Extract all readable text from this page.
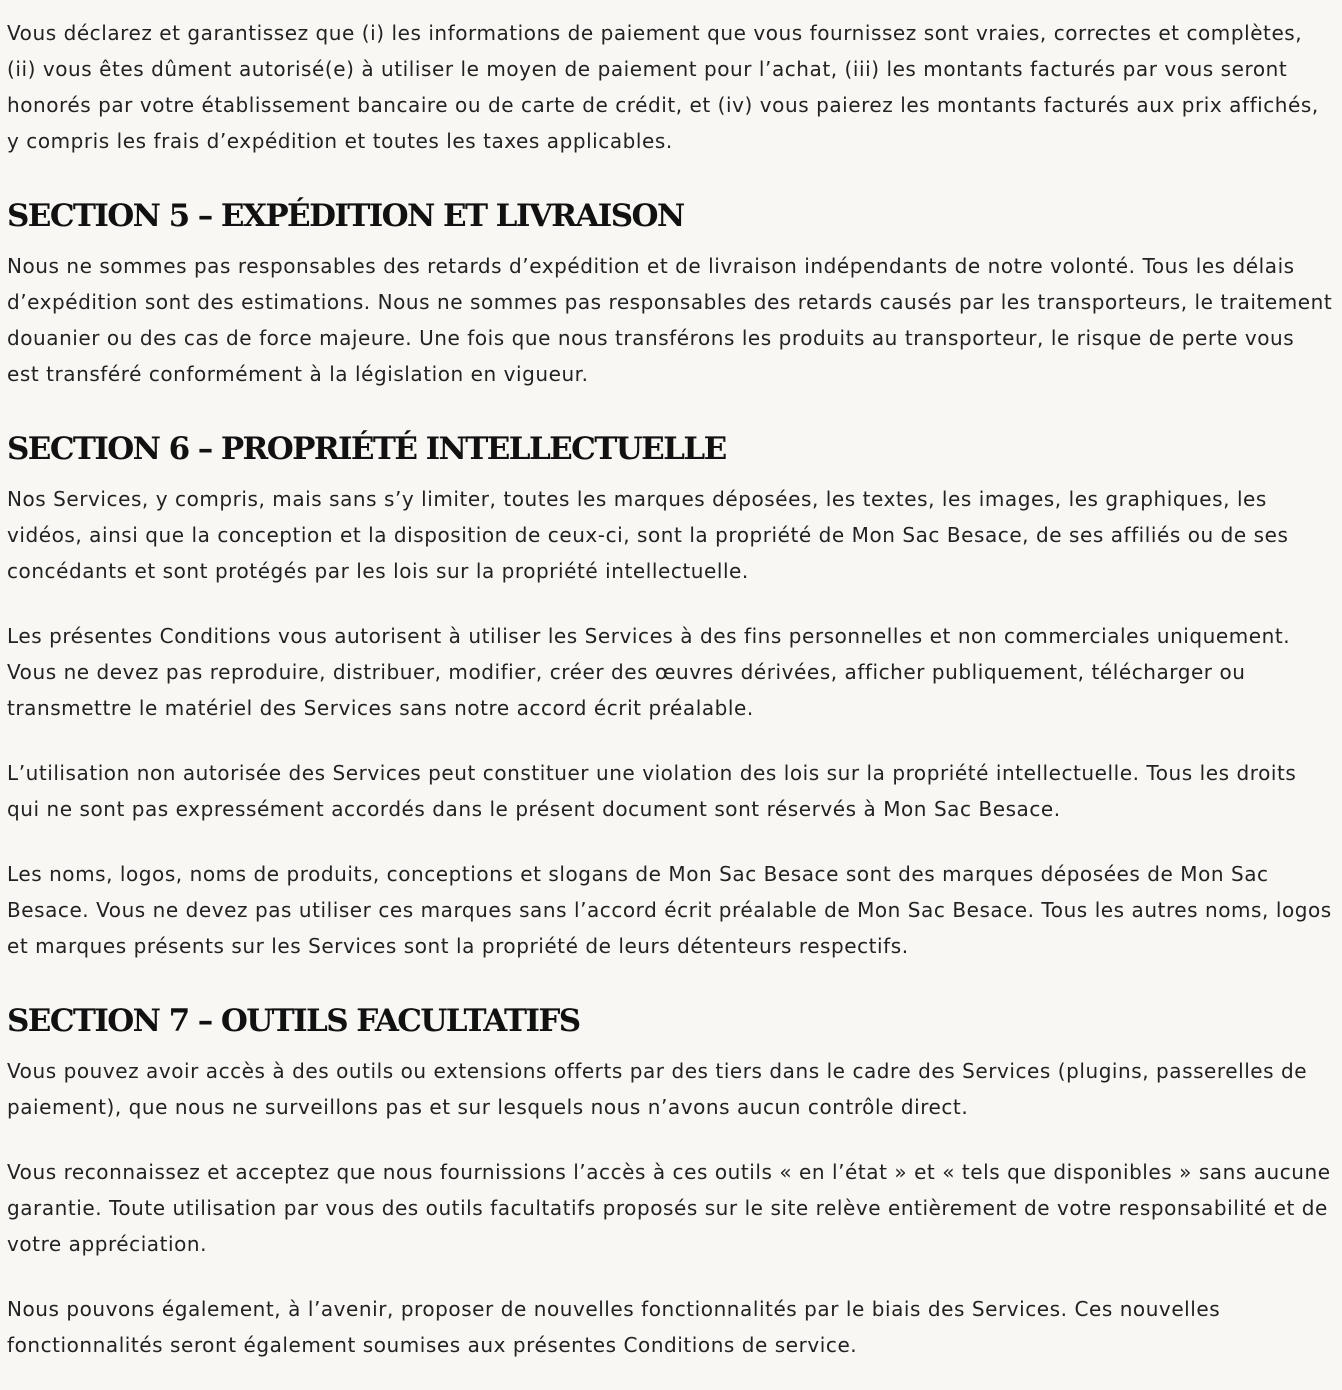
Vous déclarez et garantissez que (i) les informations de paiement que vous fournissez sont vraies, correctes et complètes, (ii) vous êtes dûment autorisé(e) à utiliser le moyen de paiement pour l’achat, (iii) les montants facturés par vous seront honorés par votre établissement bancaire ou de carte de crédit, et (iv) vous paierez les montants facturés aux prix affichés, y compris les frais d’expédition et toutes les taxes applicables.

SECTION 5 – EXPÉDITION ET LIVRAISON

Nous ne sommes pas responsables des retards d’expédition et de livraison indépendants de notre volonté. Tous les délais d’expédition sont des estimations. Nous ne sommes pas responsables des retards causés par les transporteurs, le traitement douanier ou des cas de force majeure. Une fois que nous transférons les produits au transporteur, le risque de perte vous est transféré conformément à la législation en vigueur.

SECTION 6 – PROPRIÉTÉ INTELLECTUELLE

Nos Services, y compris, mais sans s’y limiter, toutes les marques déposées, les textes, les images, les graphiques, les vidéos, ainsi que la conception et la disposition de ceux-ci, sont la propriété de Mon Sac Besace, de ses affiliés ou de ses concédants et sont protégés par les lois sur la propriété intellectuelle.

Les présentes Conditions vous autorisent à utiliser les Services à des fins personnelles et non commerciales uniquement. Vous ne devez pas reproduire, distribuer, modifier, créer des œuvres dérivées, afficher publiquement, télécharger ou transmettre le matériel des Services sans notre accord écrit préalable.

L’utilisation non autorisée des Services peut constituer une violation des lois sur la propriété intellectuelle. Tous les droits qui ne sont pas expressément accordés dans le présent document sont réservés à Mon Sac Besace.

Les noms, logos, noms de produits, conceptions et slogans de Mon Sac Besace sont des marques déposées de Mon Sac Besace. Vous ne devez pas utiliser ces marques sans l’accord écrit préalable de Mon Sac Besace. Tous les autres noms, logos et marques présents sur les Services sont la propriété de leurs détenteurs respectifs.

SECTION 7 – OUTILS FACULTATIFS

Vous pouvez avoir accès à des outils ou extensions offerts par des tiers dans le cadre des Services (plugins, passerelles de paiement), que nous ne surveillons pas et sur lesquels nous n’avons aucun contrôle direct.

Vous reconnaissez et acceptez que nous fournissions l’accès à ces outils « en l’état » et « tels que disponibles » sans aucune garantie. Toute utilisation par vous des outils facultatifs proposés sur le site relève entièrement de votre responsabilité et de votre appréciation.

Nous pouvons également, à l’avenir, proposer de nouvelles fonctionnalités par le biais des Services. Ces nouvelles fonctionnalités seront également soumises aux présentes Conditions de service.
